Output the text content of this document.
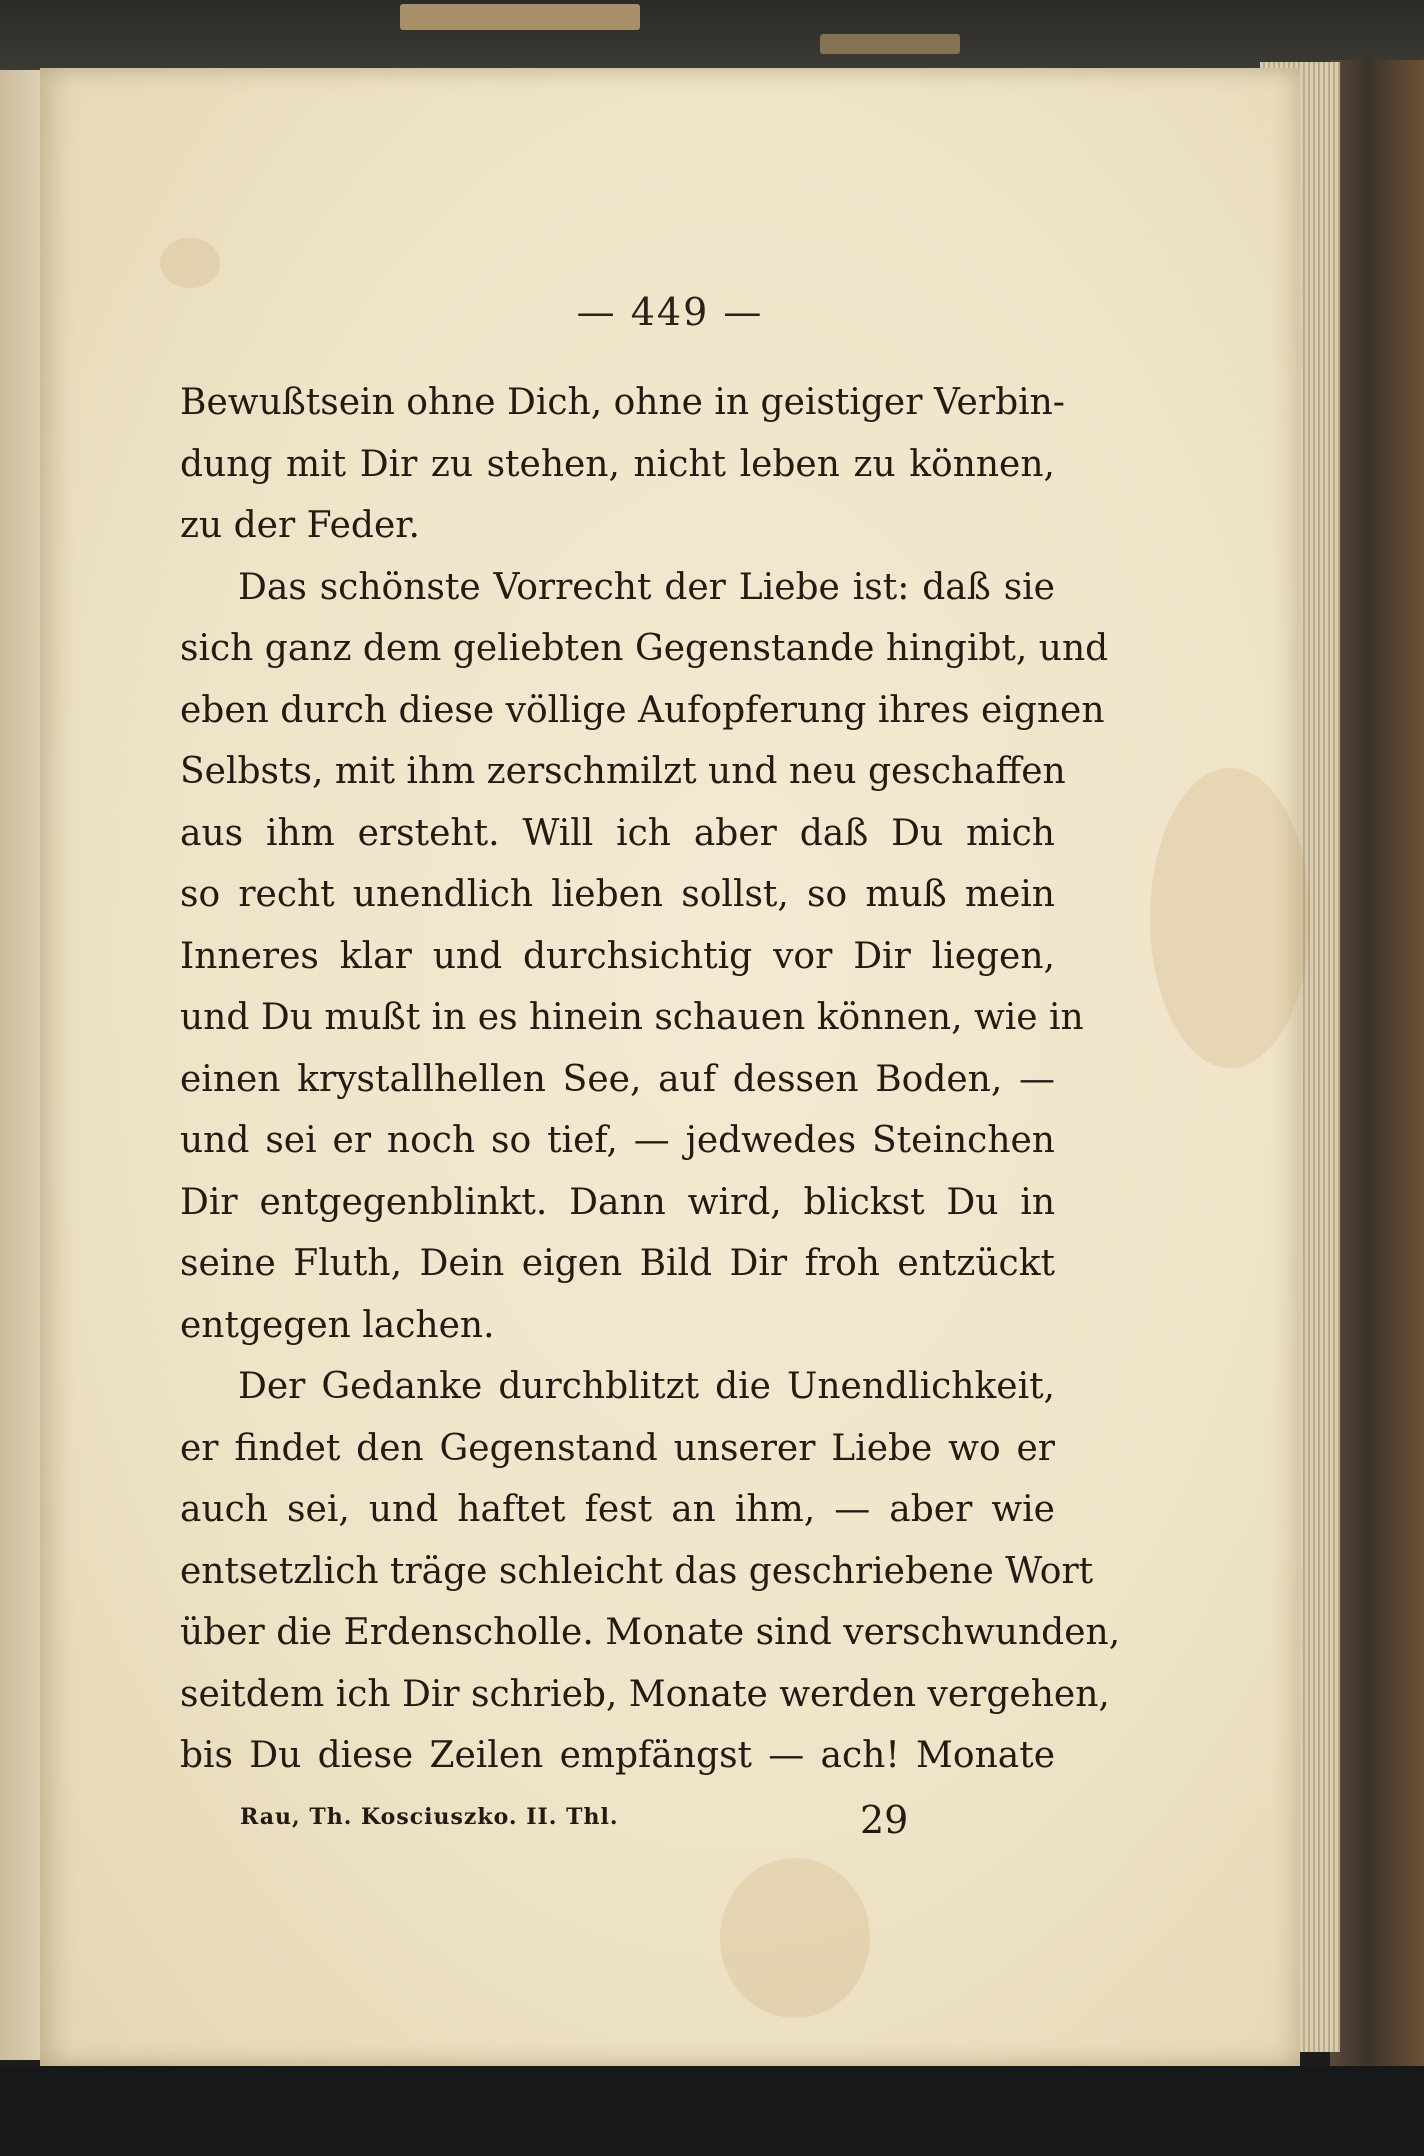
— 449 —
Bewußtsein ohne Dich, ohne in geistiger Verbin-
dung mit Dir zu stehen, nicht leben zu können,
zu der Feder.
Das schönste Vorrecht der Liebe ist: daß sie
sich ganz dem geliebten Gegenstande hingibt, und
eben durch diese völlige Aufopferung ihres eignen
Selbsts, mit ihm zerschmilzt und neu geschaffen
aus ihm ersteht. Will ich aber daß Du mich
so recht unendlich lieben sollst, so muß mein
Inneres klar und durchsichtig vor Dir liegen,
und Du mußt in es hinein schauen können, wie in
einen krystallhellen See, auf dessen Boden, —
und sei er noch so tief, — jedwedes Steinchen
Dir entgegenblinkt. Dann wird, blickst Du in
seine Fluth, Dein eigen Bild Dir froh entzückt
entgegen lachen.
Der Gedanke durchblitzt die Unendlichkeit,
er findet den Gegenstand unserer Liebe wo er
auch sei, und haftet fest an ihm, — aber wie
entsetzlich träge schleicht das geschriebene Wort
über die Erdenscholle. Monate sind verschwunden,
seitdem ich Dir schrieb, Monate werden vergehen,
bis Du diese Zeilen empfängst — ach! Monate
Rau, Th. Kosciuszko. II. Thl.	29
